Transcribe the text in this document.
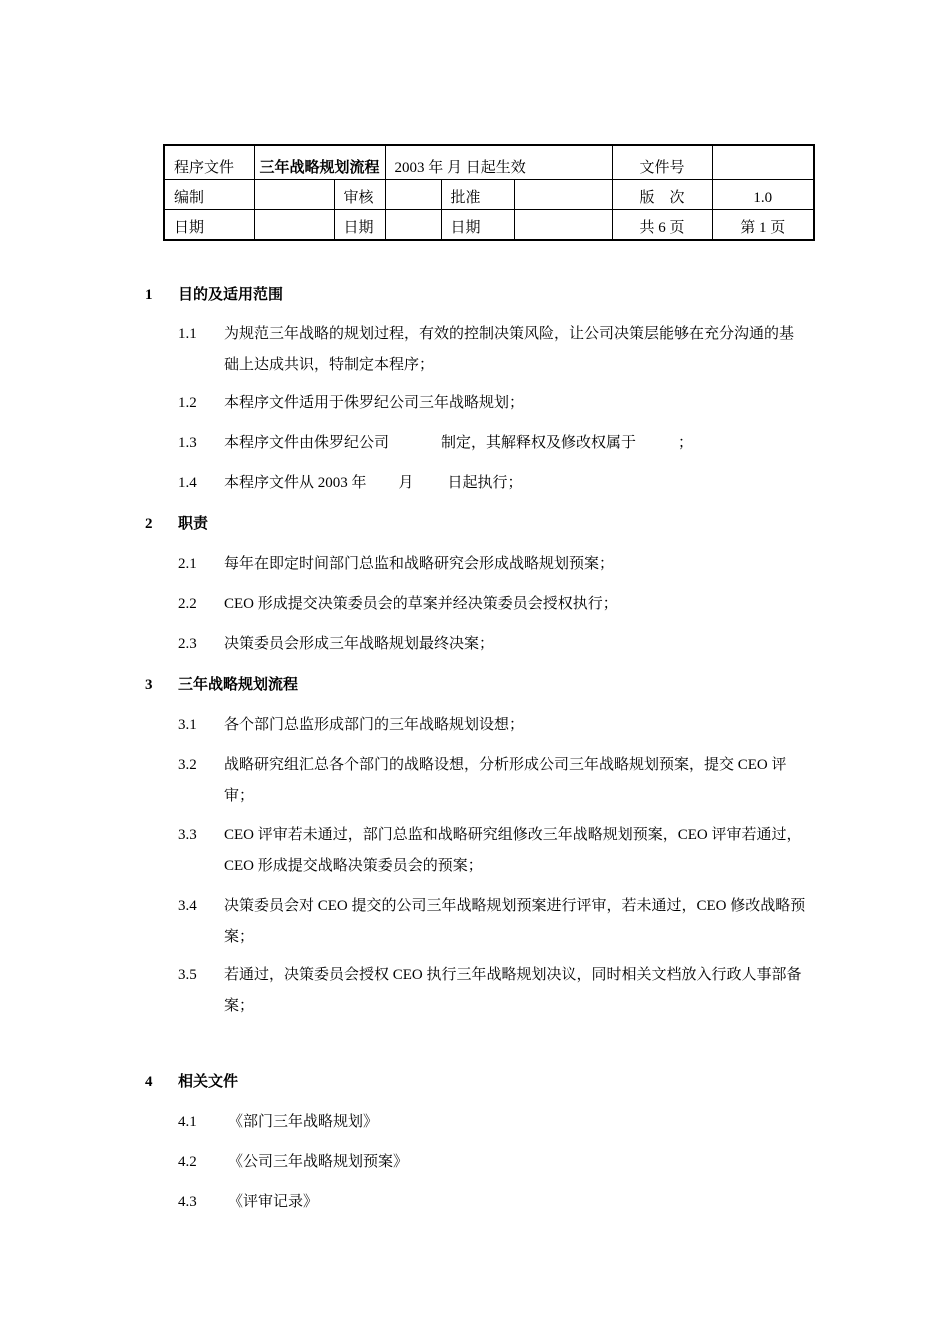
程序文件	三年战略规划流程		2003 年 月 日起生效			文件号	
编制		审核		批准		版    次	1.0
日期		日期		日期		共 6 页	第 1 页
1 目的及适用范围
1.1 为规范三年战略的规划过程，有效的控制决策风险，让公司决策层能够在充分沟通的基础上达成共识，特制定本程序；
1.2 本程序文件适用于侏罗纪公司三年战略规划；
1.3 本程序文件由侏罗纪公司	制定，其解释权及修改权属于	；
1.4 本程序文件从 2003 年 月 日起执行；
2 职责
2.1 每年在即定时间部门总监和战略研究会形成战略规划预案；
2.2 CEO 形成提交决策委员会的草案并经决策委员会授权执行；
2.3 决策委员会形成三年战略规划最终决案；
3 三年战略规划流程
3.1 各个部门总监形成部门的三年战略规划设想；
3.2 战略研究组汇总各个部门的战略设想，分析形成公司三年战略规划预案，提交 CEO 评审；
3.3 CEO 评审若未通过，部门总监和战略研究组修改三年战略规划预案，CEO 评审若通过，CEO 形成提交战略决策委员会的预案；
3.4 决策委员会对 CEO 提交的公司三年战略规划预案进行评审，若未通过，CEO 修改战略预案；
3.5 若通过，决策委员会授权 CEO 执行三年战略规划决议，同时相关文档放入行政人事部备案；
4 相关文件
4.1 《部门三年战略规划》
4.2 《公司三年战略规划预案》
4.3 《评审记录》
